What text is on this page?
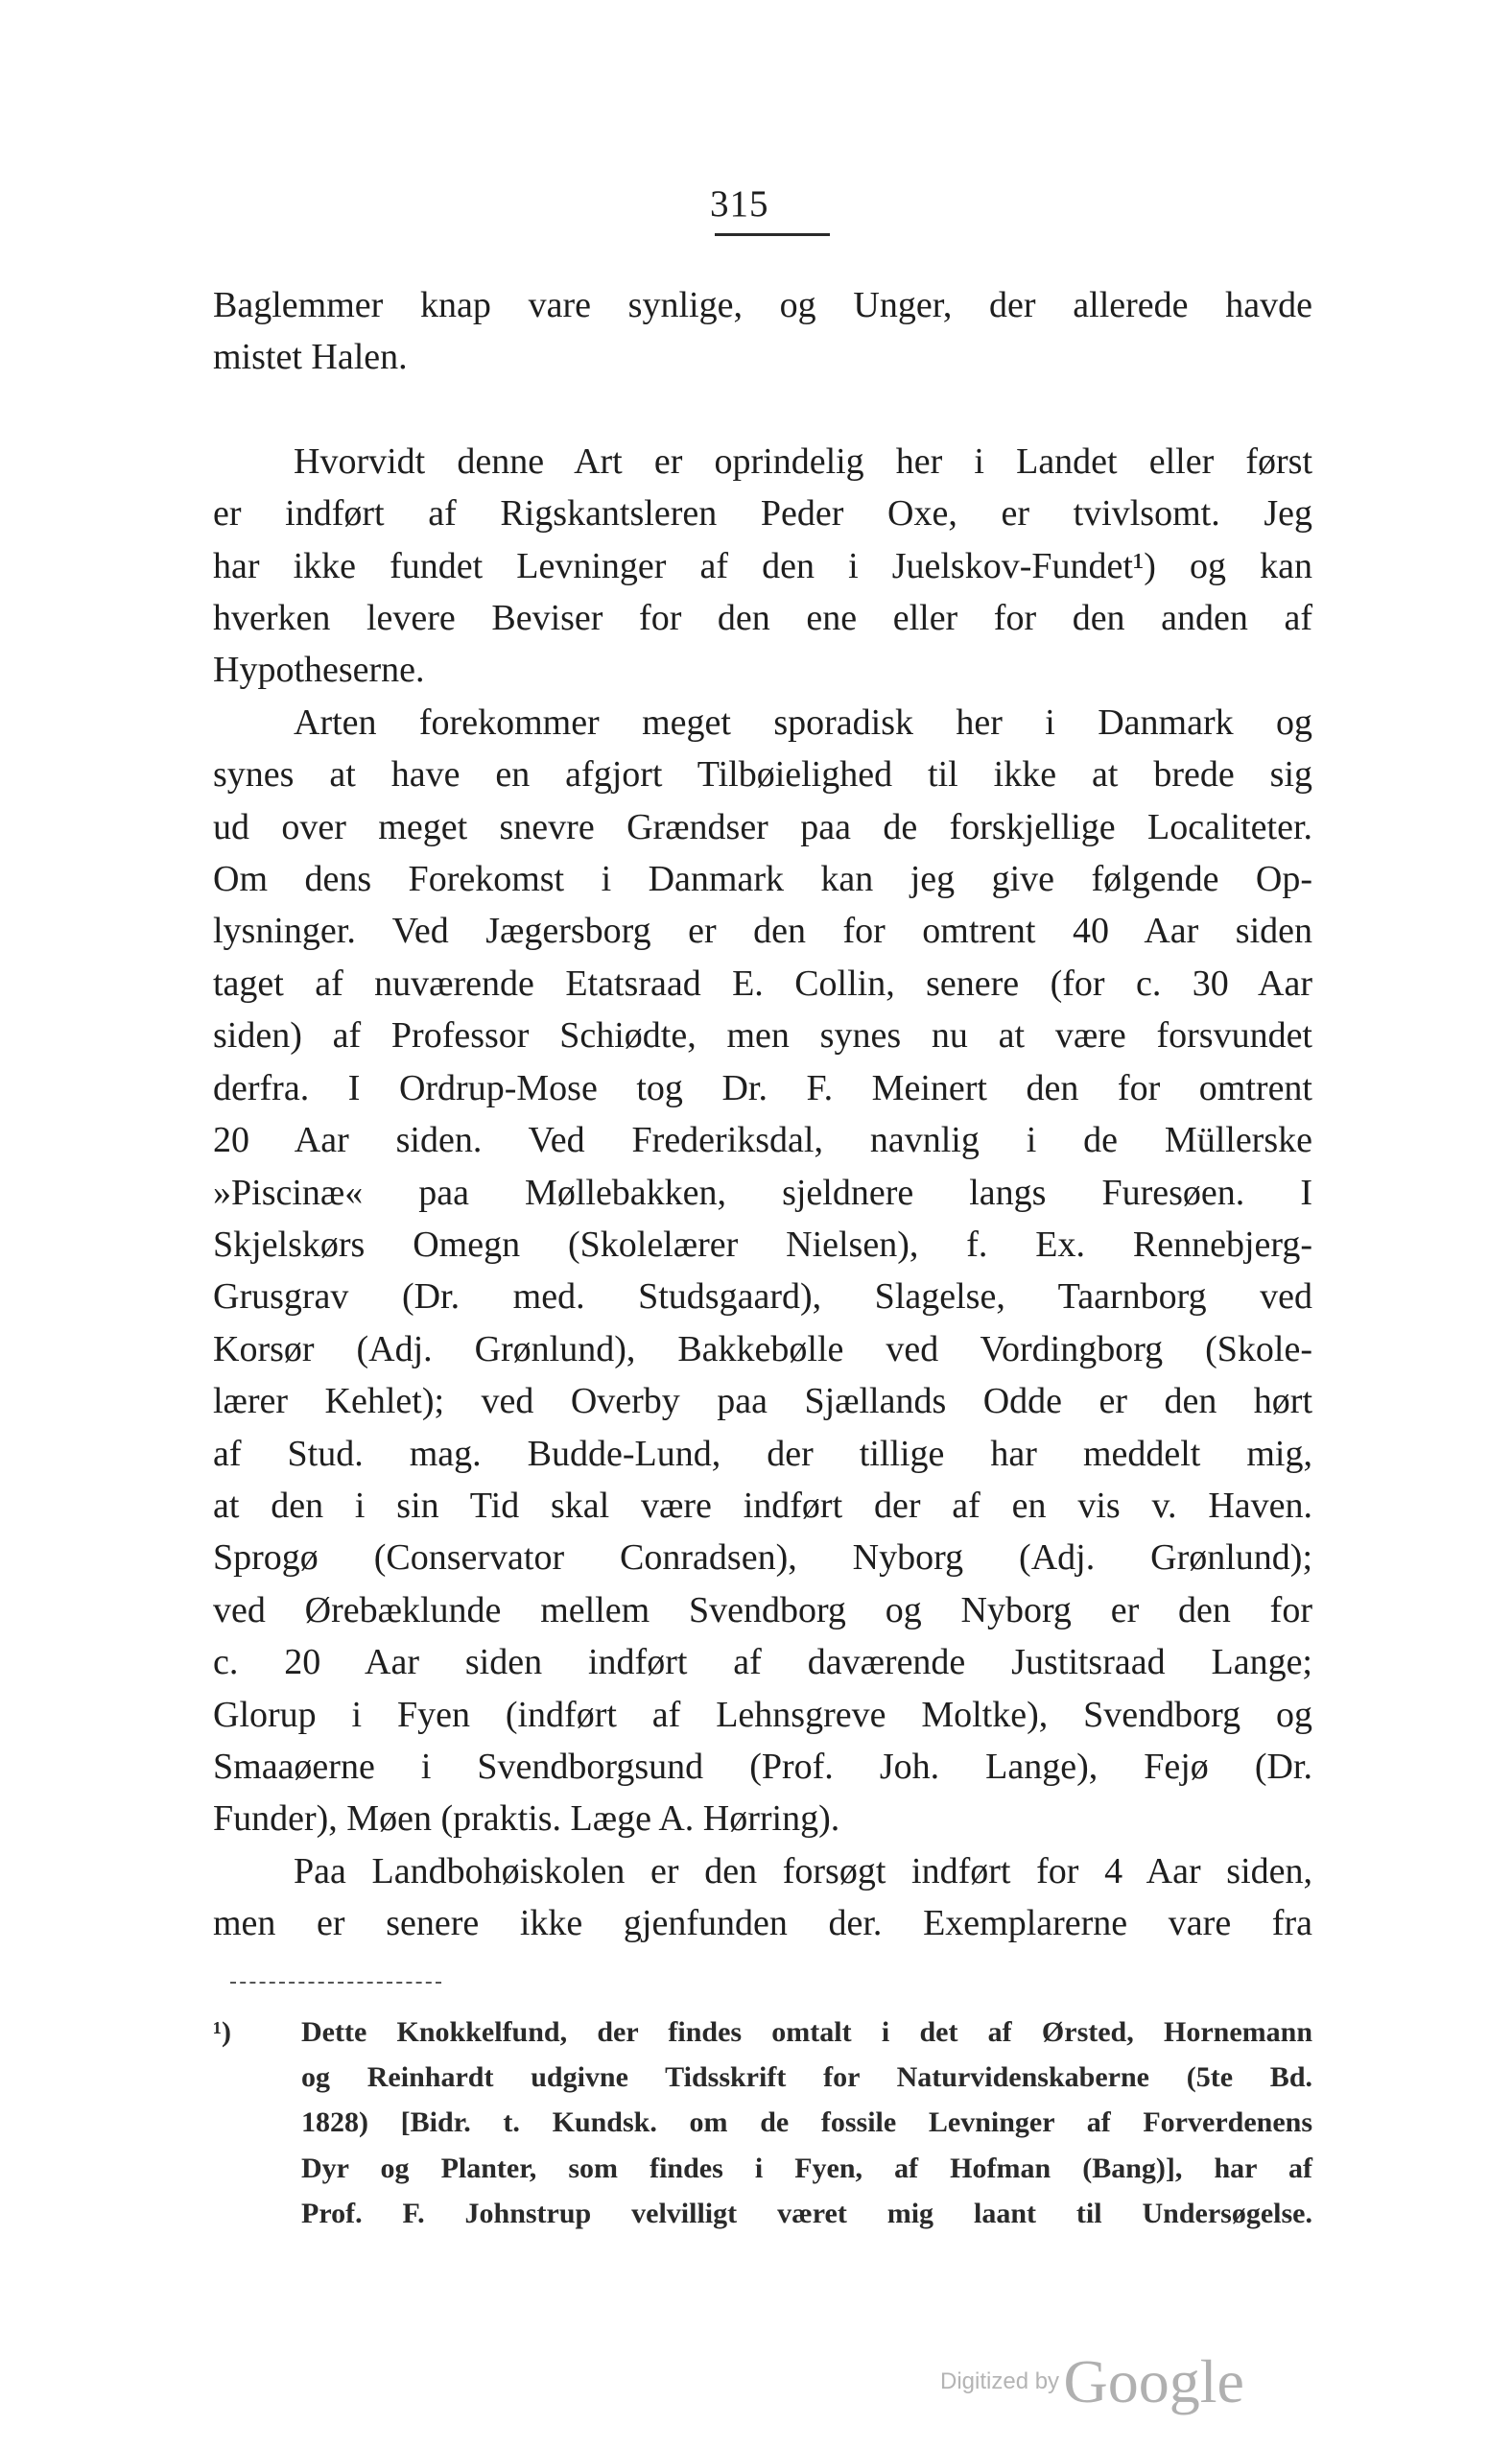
315
Baglemmer knap vare synlige, og Unger, der allerede havde
mistet Halen.
Hvorvidt denne Art er oprindelig her i Landet eller først
er indført af Rigskantsleren Peder Oxe, er tvivlsomt. Jeg
har ikke fundet Levninger af den i Juelskov-Fundet¹) og kan
hverken levere Beviser for den ene eller for den anden af
Hypotheserne.
Arten forekommer meget sporadisk her i Danmark og
synes at have en afgjort Tilbøielighed til ikke at brede sig
ud over meget snevre Grændser paa de forskjellige Localiteter.
Om dens Forekomst i Danmark kan jeg give følgende Op-
lysninger. Ved Jægersborg er den for omtrent 40 Aar siden
taget af nuværende Etatsraad E. Collin, senere (for c. 30 Aar
siden) af Professor Schiødte, men synes nu at være forsvundet
derfra. I Ordrup-Mose tog Dr. F. Meinert den for omtrent
20 Aar siden. Ved Frederiksdal, navnlig i de Müllerske
»Piscinæ« paa Møllebakken, sjeldnere langs Furesøen. I
Skjelskørs Omegn (Skolelærer Nielsen), f. Ex. Rennebjerg-
Grusgrav (Dr. med. Studsgaard), Slagelse, Taarnborg ved
Korsør (Adj. Grønlund), Bakkebølle ved Vordingborg (Skole-
lærer Kehlet); ved Overby paa Sjællands Odde er den hørt
af Stud. mag. Budde-Lund, der tillige har meddelt mig,
at den i sin Tid skal være indført der af en vis v. Haven.
Sprogø (Conservator Conradsen), Nyborg (Adj. Grønlund);
ved Ørebæklunde mellem Svendborg og Nyborg er den for
c. 20 Aar siden indført af daværende Justitsraad Lange;
Glorup i Fyen (indført af Lehnsgreve Moltke), Svendborg og
Smaaøerne i Svendborgsund (Prof. Joh. Lange), Fejø (Dr.
Funder), Møen (praktis. Læge A. Hørring).
Paa Landbohøiskolen er den forsøgt indført for 4 Aar siden,
men er senere ikke gjenfunden der. Exemplarerne vare fra
¹) Dette Knokkelfund, der findes omtalt i det af Ørsted, Hornemann
og Reinhardt udgivne Tidsskrift for Naturvidenskaberne (5te Bd.
1828) [Bidr. t. Kundsk. om de fossile Levninger af Forverdenens
Dyr og Planter, som findes i Fyen, af Hofman (Bang)], har af
Prof. F. Johnstrup velvilligt været mig laant til Undersøgelse.
Digitized by Google
